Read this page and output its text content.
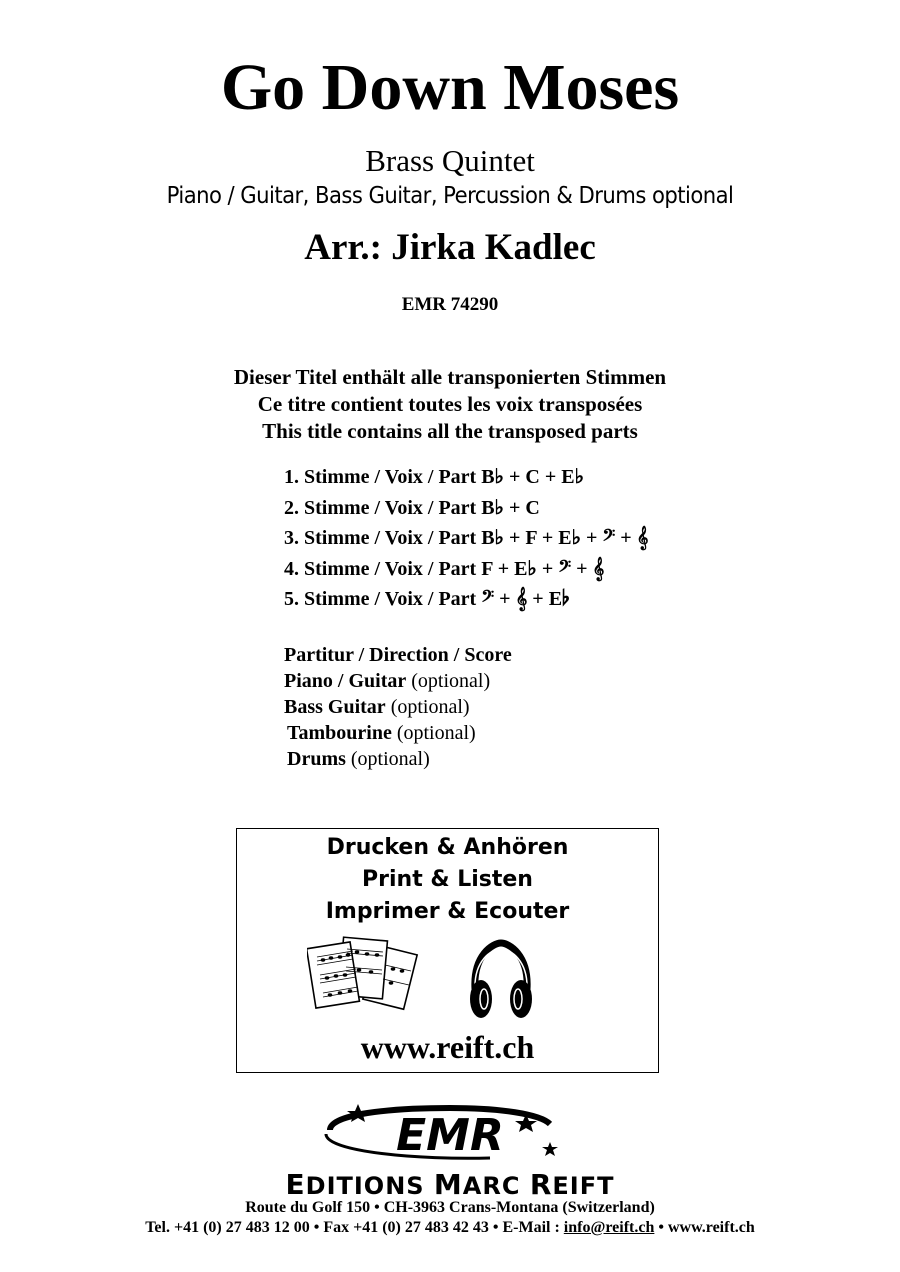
Go Down Moses
Brass Quintet
Piano / Guitar, Bass Guitar, Percussion & Drums optional
Arr.: Jirka Kadlec
EMR 74290
Dieser Titel enthält alle transponierten Stimmen
Ce titre contient toutes les voix transposées
This title contains all the transposed parts
1. Stimme / Voix / Part B♭ + C + E♭
2. Stimme / Voix / Part B♭ + C
3. Stimme / Voix / Part B♭ + F + E♭ + 𝄢 + 𝄞
4. Stimme / Voix / Part F + E♭ + 𝄢 + 𝄞
5. Stimme / Voix / Part 𝄢 + 𝄞 + E♭
Partitur / Direction / Score
Piano / Guitar (optional)
Bass Guitar (optional)
Tambourine (optional)
Drums (optional)
Drucken & Anhören
Print & Listen
Imprimer & Ecouter
www.reift.ch
EMR
EDITIONS MARC REIFT
Route du Golf 150 • CH-3963 Crans-Montana (Switzerland)
Tel. +41 (0) 27 483 12 00 • Fax +41 (0) 27 483 42 43 • E-Mail : info@reift.ch • www.reift.ch
